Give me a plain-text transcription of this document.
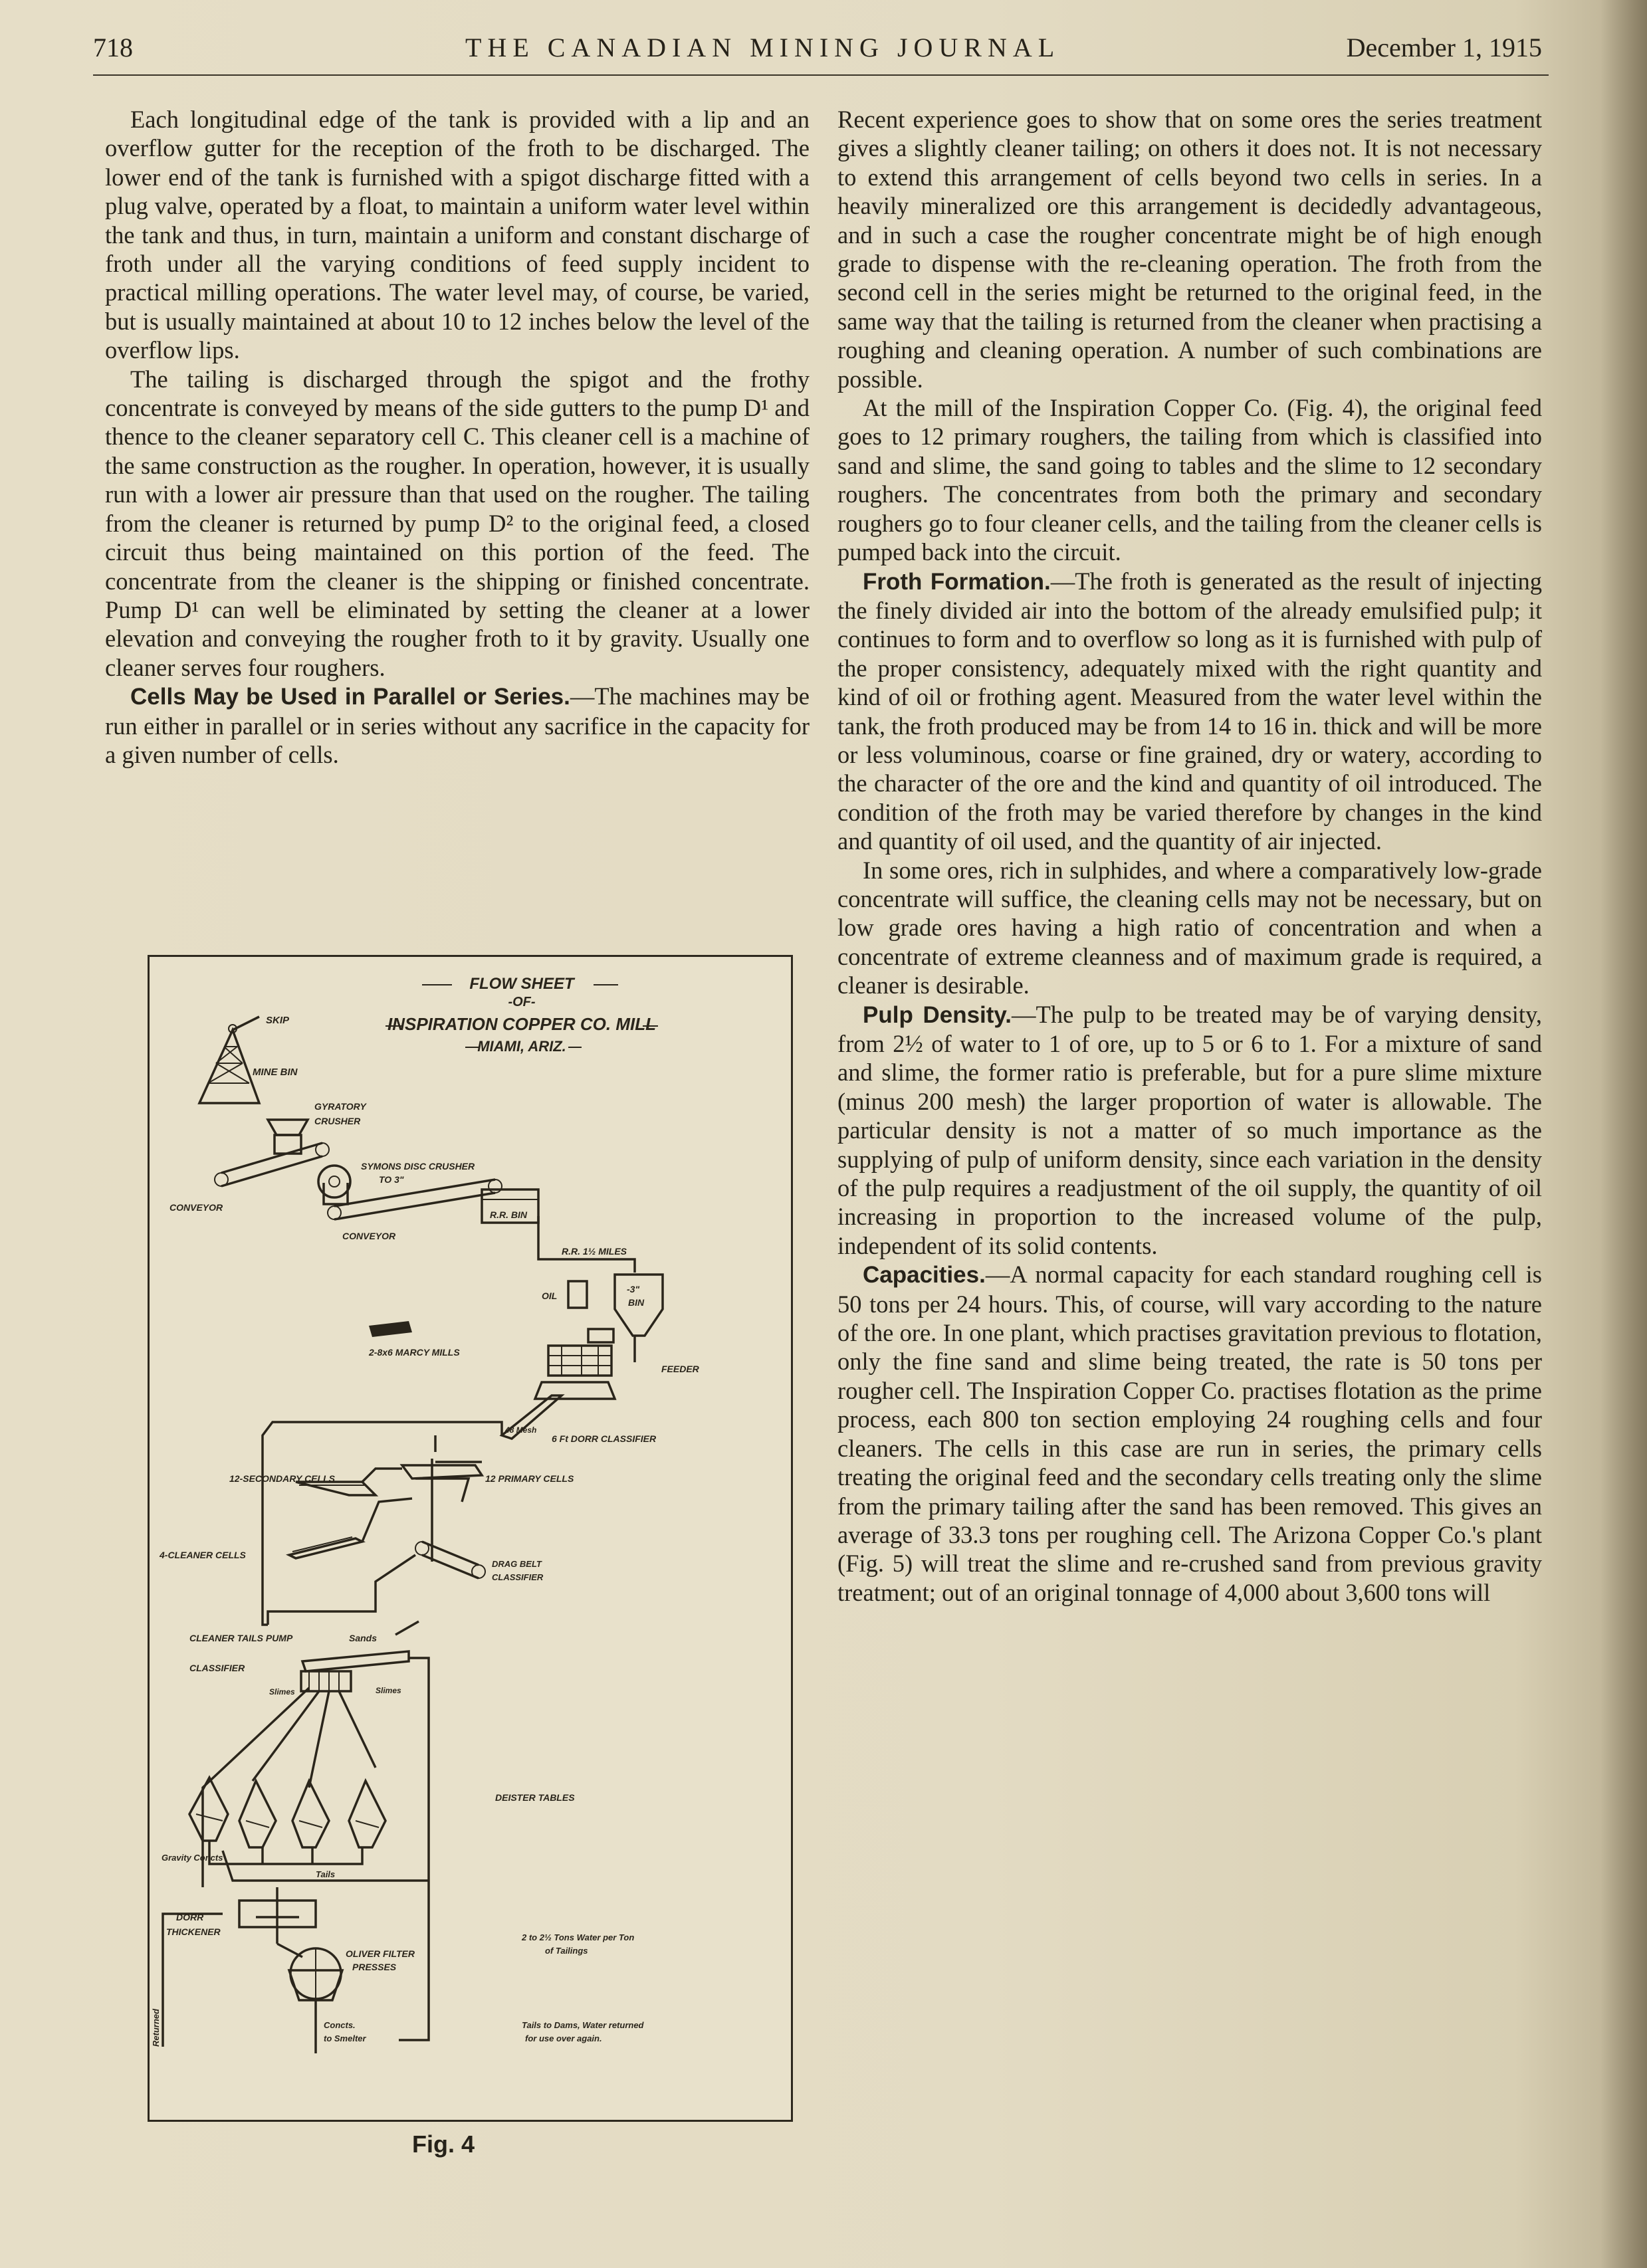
718	THE CANADIAN MINING JOURNAL	December 1, 1915

Each longitudinal edge of the tank is provided with a lip and an overflow gutter for the reception of the froth to be discharged. The lower end of the tank is furnished with a spigot discharge fitted with a plug valve, operated by a float, to maintain a uniform water level within the tank and thus, in turn, maintain a uniform and constant discharge of froth under all the varying conditions of feed supply incident to practical milling operations. The water level may, of course, be varied, but is usually maintained at about 10 to 12 inches below the level of the overflow lips.

The tailing is discharged through the spigot and the frothy concentrate is conveyed by means of the side gutters to the pump D¹ and thence to the cleaner separatory cell C. This cleaner cell is a machine of the same construction as the rougher. In operation, however, it is usually run with a lower air pressure than that used on the rougher. The tailing from the cleaner is returned by pump D² to the original feed, a closed circuit thus being maintained on this portion of the feed. The concentrate from the cleaner is the shipping or finished concentrate. Pump D¹ can well be eliminated by setting the cleaner at a lower elevation and conveying the rougher froth to it by gravity. Usually one cleaner serves four roughers.

Cells May be Used in Parallel or Series.—The machines may be run either in parallel or in series without any sacrifice in the capacity for a given number of cells.

FLOW SHEET
-OF-
INSPIRATION COPPER CO. MILL
MIAMI, ARIZ.
SKIP
MINE BIN
GYRATORY
CRUSHER
CONVEYOR
SYMONS DISC CRUSHER
TO 3"
CONVEYOR
R.R. BIN
R.R. 1½ MILES
OIL
-3"
BIN
2-8x6 MARCY MILLS
FEEDER
48 Mesh
6 Ft DORR CLASSIFIER
12-SECONDARY CELLS	12 PRIMARY CELLS
4-CLEANER CELLS
DRAG BELT
CLASSIFIER
CLEANER TAILS PUMP	Sands
CLASSIFIER
Slimes	Slimes
DEISTER TABLES
Gravity Concts
Tails
DORR
THICKENER
Returned
OLIVER FILTER
PRESSES
Concts.
to Smelter
2 to 2½ Tons Water per Ton
of Tailings
Tails to Dams, Water returned
for use over again.
Fig. 4

Recent experience goes to show that on some ores the series treatment gives a slightly cleaner tailing; on others it does not. It is not necessary to extend this arrangement of cells beyond two cells in series. In a heavily mineralized ore this arrangement is decidedly advantageous, and in such a case the rougher concentrate might be of high enough grade to dispense with the re-cleaning operation. The froth from the second cell in the series might be returned to the original feed, in the same way that the tailing is returned from the cleaner when practising a roughing and cleaning operation. A number of such combinations are possible.

At the mill of the Inspiration Copper Co. (Fig. 4), the original feed goes to 12 primary roughers, the tailing from which is classified into sand and slime, the sand going to tables and the slime to 12 secondary roughers. The concentrates from both the primary and secondary roughers go to four cleaner cells, and the tailing from the cleaner cells is pumped back into the circuit.

Froth Formation.—The froth is generated as the result of injecting the finely divided air into the bottom of the already emulsified pulp; it continues to form and to overflow so long as it is furnished with pulp of the proper consistency, adequately mixed with the right quantity and kind of oil or frothing agent. Measured from the water level within the tank, the froth produced may be from 14 to 16 in. thick and will be more or less voluminous, coarse or fine grained, dry or watery, according to the character of the ore and the kind and quantity of oil introduced. The condition of the froth may be varied therefore by changes in the kind and quantity of oil used, and the quantity of air injected.

In some ores, rich in sulphides, and where a comparatively low-grade concentrate will suffice, the cleaning cells may not be necessary, but on low grade ores having a high ratio of concentration and when a concentrate of extreme cleanness and of maximum grade is required, a cleaner is desirable.

Pulp Density.—The pulp to be treated may be of varying density, from 2½ of water to 1 of ore, up to 5 or 6 to 1. For a mixture of sand and slime, the former ratio is preferable, but for a pure slime mixture (minus 200 mesh) the larger proportion of water is allowable. The particular density is not a matter of so much importance as the supplying of pulp of uniform density, since each variation in the density of the pulp requires a readjustment of the oil supply, the quantity of oil increasing in proportion to the increased volume of the pulp, independent of its solid contents.

Capacities.—A normal capacity for each standard roughing cell is 50 tons per 24 hours. This, of course, will vary according to the nature of the ore. In one plant, which practises gravitation previous to flotation, only the fine sand and slime being treated, the rate is 50 tons per rougher cell. The Inspiration Copper Co. practises flotation as the prime process, each 800 ton section employing 24 roughing cells and four cleaners. The cells in this case are run in series, the primary cells treating the original feed and the secondary cells treating only the slime from the primary tailing after the sand has been removed. This gives an average of 33.3 tons per roughing cell. The Arizona Copper Co.'s plant (Fig. 5) will treat the slime and re-crushed sand from previous gravity treatment; out of an original tonnage of 4,000 about 3,600 tons will
